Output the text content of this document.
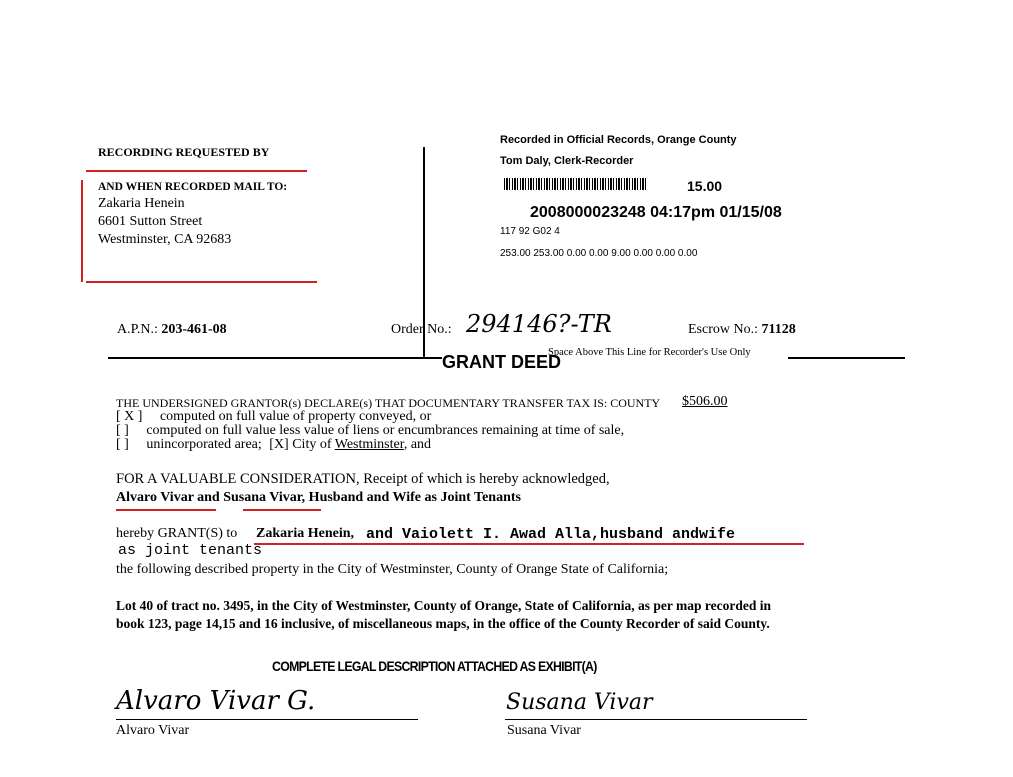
RECORDING REQUESTED BY
AND WHEN RECORDED MAIL TO:
Zakaria Henein
6601 Sutton Street
Westminster, CA 92683
Recorded in Official Records, Orange County
Tom Daly, Clerk-Recorder
15.00
2008000023248 04:17pm 01/15/08
117 92 G02 4
253.00 253.00 0.00 0.00 9.00 0.00 0.00 0.00
A.P.N.: 203-461-08	Order No.: 294146?-TR	Escrow No.: 71128
Space Above This Line for Recorder's Use Only
GRANT DEED
THE UNDERSIGNED GRANTOR(s) DECLARE(s) THAT DOCUMENTARY TRANSFER TAX IS: COUNTY $506.00
[ X ] computed on full value of property conveyed, or
[ ] computed on full value less value of liens or encumbrances remaining at time of sale,
[ ] unincorporated area; [X] City of Westminster, and
FOR A VALUABLE CONSIDERATION, Receipt of which is hereby acknowledged,
Alvaro Vivar and Susana Vivar, Husband and Wife as Joint Tenants
hereby GRANT(S) to Zakaria Henein, and Vaiolett I. Awad Alla,husband andwife
as joint tenants
the following described property in the City of Westminster, County of Orange State of California;
Lot 40 of tract no. 3495, in the City of Westminster, County of Orange, State of California, as per map recorded in
book 123, page 14,15 and 16 inclusive, of miscellaneous maps, in the office of the County Recorder of said County.
COMPLETE LEGAL DESCRIPTION ATTACHED AS EXHIBIT(A)
Alvaro Vivar G.
Alvaro Vivar
Susana Vivar
Susana Vivar
